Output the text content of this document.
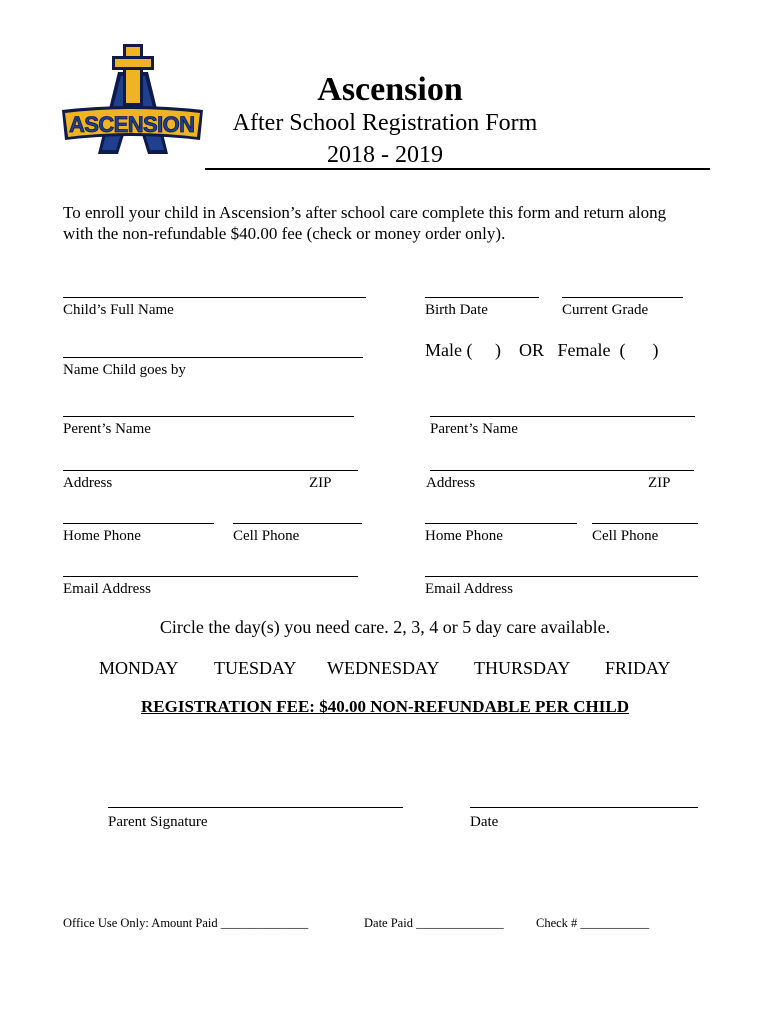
ASCENSION
Ascension
After School Registration Form
2018 - 2019
To enroll your child in Ascension’s after school care complete this form and return along
with the non-refundable $40.00 fee (check or money order only).
Child’s Full Name	Birth Date	Current Grade
Name Child goes by
Male (     )    OR   Female  (      )
Perent’s Name	Parent’s Name
Address	ZIP	Address	ZIP
Home Phone	Cell Phone	Home Phone	Cell Phone
Email Address	Email Address
Circle the day(s) you need care. 2, 3, 4 or 5 day care available.
MONDAY TUESDAY WEDNESDAY THURSDAY FRIDAY
REGISTRATION FEE: $40.00 NON-REFUNDABLE PER CHILD
Parent Signature	Date
Office Use Only: Amount Paid ______________	Date Paid ______________	Check # ___________
